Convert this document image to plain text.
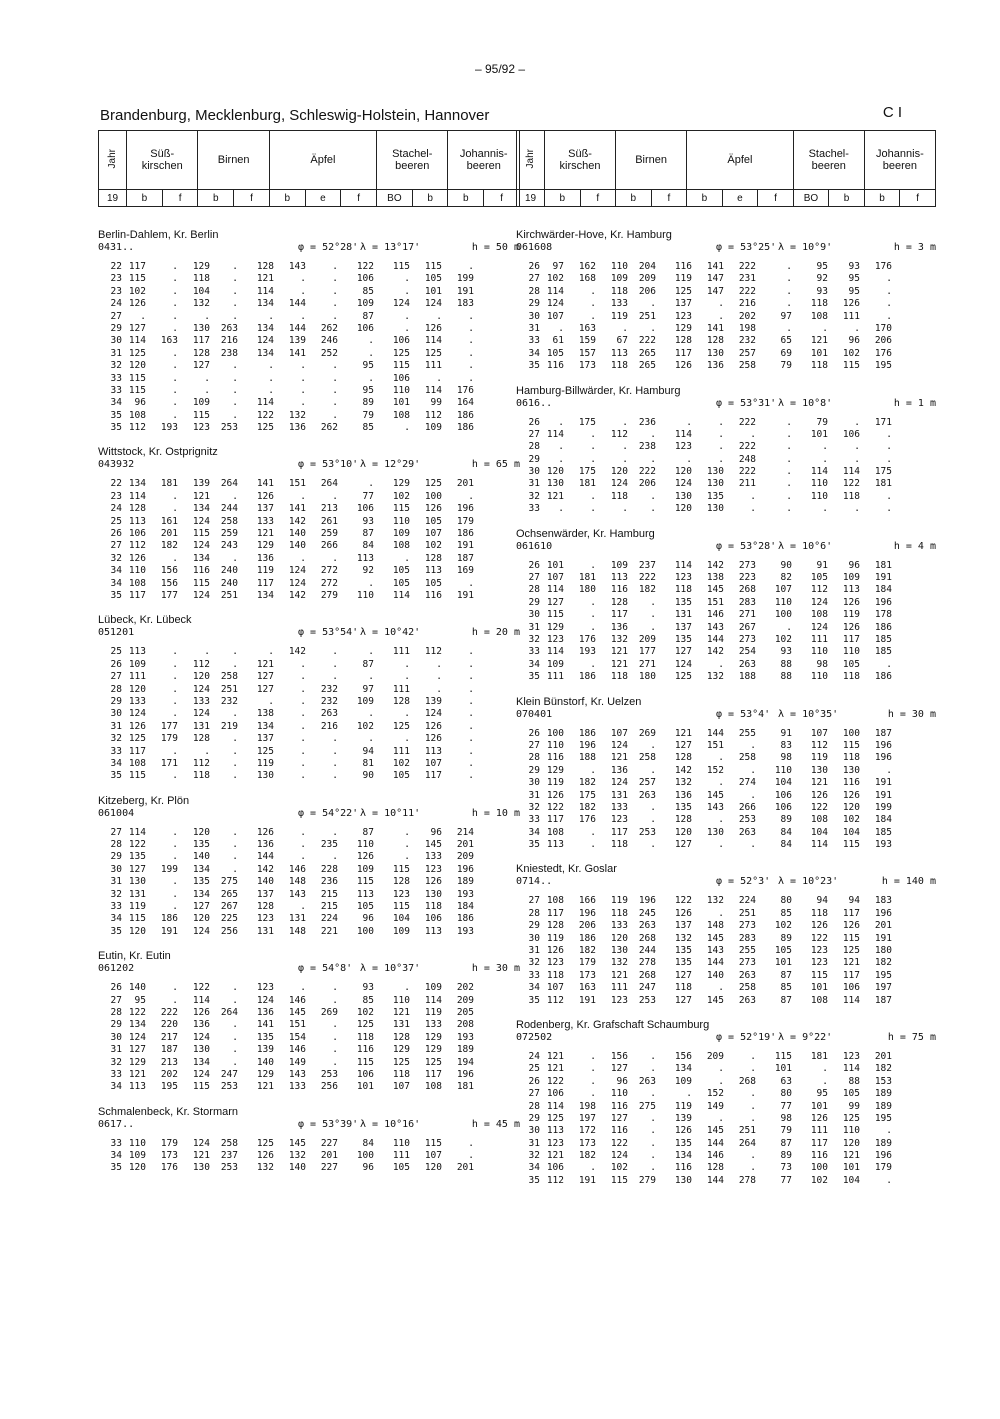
– 95/92 –
Brandenburg, Mecklenburg, Schleswig-Holstein, Hannover	C I
Jahr	Süß-
kirschen		Birnen		Äpfel			Stachel-
beeren		Johannis-
beeren	
19	b	f	b	f	b	e	f	BO	b	b	f
Berlin-Dahlem, Kr. Berlin
0431..	φ = 52°28' λ = 13°17'	h = 50 m
22 117	.	129	.	128	143	.	122	115	115	.
23 115	.	118	.	121	.	.	106	.	105	199
23 102	.	104	.	114	.	.	85	.	101	191
24 126	.	132	.	134	144	.	109	124	124	183
27	.	.	.	.	.	.	.	87	.	.	.
29 127	.	130	263	134	144	262	106	.	126	.
30 114	163	117	216	124	139	246	.	106	114	.
31 125	.	128	238	134	141	252	.	125	125	.
32 120	.	127	.	.	.	.	95	115	111	.
33 115	.	.	.	.	.	.	.	106	.	.
33 115	.	.	.	.	.	.	95	110	114	176
34	96	.	109	.	114	.	.	89	101	99	164
35 108	.	115	.	122	132	.	79	108	112	186
35 112	193	123	253	125	136	262	85	.	109	186
Wittstock, Kr. Ostprignitz
043932	φ = 53°10' λ = 12°29'	h = 65 m
22 134	181	139	264	141	151	264	.	129	125	201
23 114	.	121	.	126	.	.	77	102	100	.
24 128	.	134	244	137	141	213	106	115	126	196
25 113	161	124	258	133	142	261	93	110	105	179
26 106	201	115	259	121	140	259	87	109	107	186
27 112	182	124	243	129	140	266	84	108	102	191
32 126	.	134	.	136	.	.	113	.	128	187
34 110	156	116	240	119	124	272	92	105	113	169
34 108	156	115	240	117	124	272	.	105	105	.
35 117	177	124	251	134	142	279	110	114	116	191
Lübeck, Kr. Lübeck
051201	φ = 53°54' λ = 10°42'	h = 20 m
25 113	.	.	.	.	142	.	.	111	112	.
26 109	.	112	.	121	.	.	87	.	.	.
27 111	.	120	258	127	.	.	.	.	.	.
28 120	.	124	251	127	.	232	97	111	.	.
29 133	.	133	232	.	.	232	109	128	139	.
30 124	.	124	.	138	.	263	.	.	124	.
31 126	177	131	219	134	.	216	102	125	126	.
32 125	179	128	.	137	.	.	.	.	126	.
33 117	.	.	.	125	.	.	94	111	113	.
34 108	171	112	.	119	.	.	81	102	107	.
35 115	.	118	.	130	.	.	90	105	117	.
Kitzeberg, Kr. Plön
061004	φ = 54°22' λ = 10°11'	h = 10 m
27 114	.	120	.	126	.	.	87	.	96	214
28 122	.	135	.	136	.	235	110	.	145	201
29 135	.	140	.	144	.	.	126	.	133	209
30 127	199	134	.	142	146	228	109	115	123	196
31 130	.	135	275	140	148	236	115	128	126	189
32 131	.	134	265	137	143	215	113	123	130	193
33 119	.	127	267	128	.	215	105	115	118	184
34 115	186	120	225	123	131	224	96	104	106	186
35 120	191	124	256	131	148	221	100	109	113	193
Eutin, Kr. Eutin
061202	φ = 54°8' λ = 10°37'	h = 30 m
26 140	.	122	.	123	.	.	93	.	109	202
27	95	.	114	.	124	146	.	85	110	114	209
28 122	222	126	264	136	145	269	102	121	119	205
29 134	220	136	.	141	151	.	125	131	133	208
30 124	217	124	.	135	154	.	118	128	129	193
31 127	187	130	.	139	146	.	116	129	129	189
32 129	213	134	.	140	149	.	115	125	125	194
33 121	202	124	247	129	143	253	106	118	117	196
34 113	195	115	253	121	133	256	101	107	108	181
Schmalenbeck, Kr. Stormarn
0617..	φ = 53°39' λ = 10°16'	h = 45 m
33 110	179	124	258	125	145	227	84	110	115	.
34 109	173	121	237	126	132	201	100	111	107	.
35 120	176	130	253	132	140	227	96	105	120	201
Jahr	Süß-
kirschen		Birnen		Äpfel			Stachel-
beeren		Johannis-
beeren	
19	b	f	b	f	b	e	f	BO	b	b	f
Kirchwärder-Hove, Kr. Hamburg
061608	φ = 53°25' λ = 10°9'	h = 3 m
26	97	162	110	204	116	141	222	.	95	93	176
27 102	168	109	209	119	147	231	.	92	95	.
28 114	.	118	206	125	147	222	.	93	95	.
29 124	.	133	.	137	.	216	.	118	126	.
30 107	.	119	251	123	.	202	97	108	111	.
31	.	163	.	.	129	141	198	.	.	.	170
33	61	159	67	222	128	128	232	65	121	96	206
34 105	157	113	265	117	130	257	69	101	102	176
35 116	173	118	265	126	136	258	79	118	115	195
Hamburg-Billwärder, Kr. Hamburg
0616..	φ = 53°31' λ = 10°8'	h = 1 m
26	.	175	.	236	.	.	222	.	79	.	171
27 114	.	112	.	114	.	.	.	101	106	.
28	.	.	.	238	123	.	222	.	.	.	.
29	.	.	.	.	.	.	248	.	.	.	.
30 120	175	120	222	120	130	222	.	114	114	175
31 130	181	124	206	124	130	211	.	110	122	181
32 121	.	118	.	130	135	.	.	110	118	.
33	.	.	.	.	120	130	.	.	.	.	.
Ochsenwärder, Kr. Hamburg
061610	φ = 53°28' λ = 10°6'	h = 4 m
26 101	.	109	237	114	142	273	90	91	96	181
27 107	181	113	222	123	138	223	82	105	109	191
28 114	180	116	182	118	145	268	107	112	113	184
29 127	.	128	.	135	151	283	110	124	126	196
30 115	.	117	.	131	146	271	100	108	119	178
31 129	.	136	.	137	143	267	.	124	126	186
32 123	176	132	209	135	144	273	102	111	117	185
33 114	193	121	177	127	142	254	93	110	110	185
34 109	.	121	271	124	.	263	88	98	105	.
35 111	186	118	180	125	132	188	88	110	118	186
Klein Bünstorf, Kr. Uelzen
070401	φ = 53°4' λ = 10°35'	h = 30 m
26 100	186	107	269	121	144	255	91	107	100	187
27 110	196	124	.	127	151	.	83	112	115	196
28 116	188	121	258	128	.	258	98	119	118	196
29 129	.	136	.	142	152	.	110	130	130	.
30 119	182	124	257	132	.	274	104	121	116	191
31 126	175	131	263	136	145	.	106	126	126	191
32 122	182	133	.	135	143	266	106	122	120	199
33 117	176	123	.	128	.	253	89	108	102	184
34 108	.	117	253	120	130	263	84	104	104	185
35 113	.	118	.	127	.	.	84	114	115	193
Kniestedt, Kr. Goslar
0714..	φ = 52°3' λ = 10°23'	h = 140 m
27 108	166	119	196	122	132	224	80	94	94	183
28 117	196	118	245	126	.	251	85	118	117	196
29 128	206	133	263	137	148	273	102	126	126	201
30 119	186	120	268	132	145	283	89	122	115	191
31 126	182	130	244	135	143	255	105	123	125	180
32 123	179	132	278	135	144	273	101	123	121	182
33 118	173	121	268	127	140	263	87	115	117	195
34 107	163	111	247	118	.	258	85	101	106	197
35 112	191	123	253	127	145	263	87	108	114	187
Rodenberg, Kr. Grafschaft Schaumburg
072502	φ = 52°19' λ = 9°22'	h = 75 m
24 121	.	156	.	156	209	.	115	181	123	201
25 121	.	127	.	134	.	.	101	.	114	182
26 122	.	96	263	109	.	268	63	.	88	153
27 106	.	110	.	.	152	.	80	95	105	189
28 114	198	116	275	119	149	.	77	101	99	189
29 125	197	127	.	139	.	.	98	126	125	195
30 113	172	116	.	126	145	251	79	111	110	.
31 123	173	122	.	135	144	264	87	117	120	189
32 121	182	124	.	134	146	.	89	116	121	196
34 106	.	102	.	116	128	.	73	100	101	179
35 112	191	115	279	130	144	278	77	102	104	.
